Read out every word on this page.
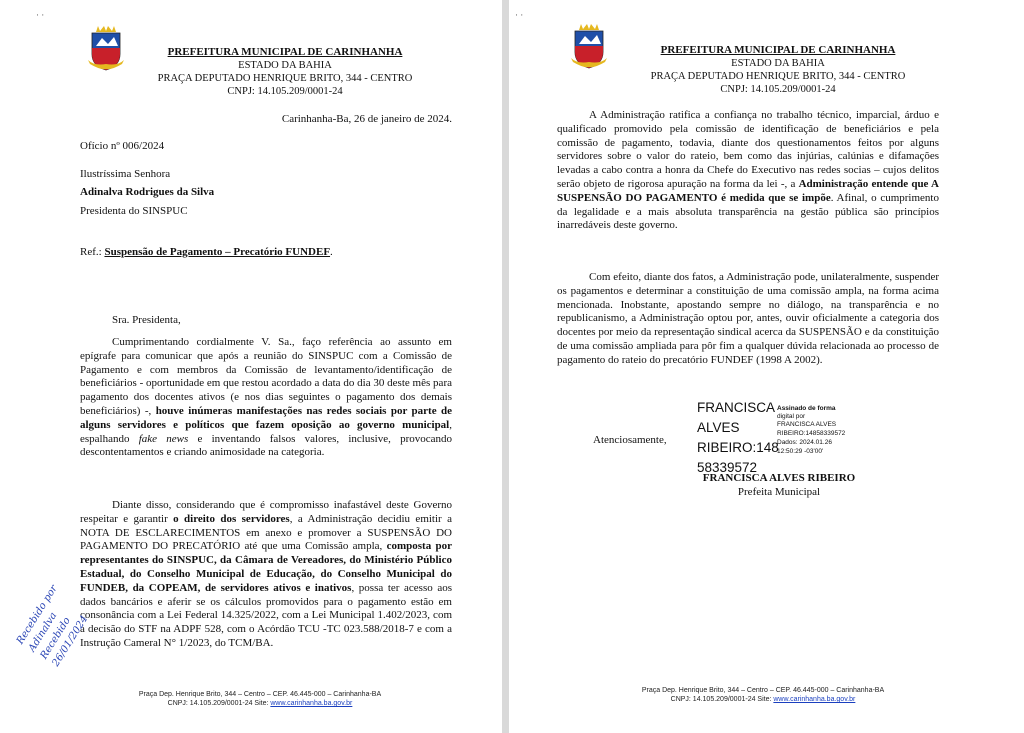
· ·
PREFEITURA MUNICIPAL DE CARINHANHA
ESTADO DA BAHIA
PRAÇA DEPUTADO HENRIQUE BRITO, 344 - CENTRO
CNPJ: 14.105.209/0001-24
Carinhanha-Ba, 26 de janeiro de 2024.
Ofício nº 006/2024
Ilustríssima Senhora
Adinalva Rodrigues da Silva
Presidenta do SINSPUC
Ref.: Suspensão de Pagamento – Precatório FUNDEF.
Sra. Presidenta,
Cumprimentando cordialmente V. Sa., faço referência ao assunto em epígrafe para comunicar que após a reunião do SINSPUC com a Comissão de Pagamento e com membros da Comissão de levantamento/identificação de beneficiários - oportunidade em que restou acordado a data do dia 30 deste mês para pagamento dos docentes ativos (e nos dias seguintes o pagamento dos demais beneficiários) -, houve inúmeras manifestações nas redes sociais por parte de alguns servidores e políticos que fazem oposição ao governo municipal, espalhando fake news e inventando falsos valores, inclusive, provocando descontentamentos e criando animosidade na categoria.
Diante disso, considerando que é compromisso inafastável deste Governo respeitar e garantir o direito dos servidores, a Administração decidiu emitir a NOTA DE ESCLARECIMENTOS em anexo e promover a SUSPENSÃO DO PAGAMENTO DO PRECATÓRIO até que uma Comissão ampla, composta por representantes do SINSPUC, da Câmara de Vereadores, do Ministério Público Estadual, do Conselho Municipal de Educação, do Conselho Municipal do FUNDEB, da COPEAM, de servidores ativos e inativos, possa ter acesso aos dados bancários e aferir se os cálculos promovidos para o pagamento estão em consonância com a Lei Federal 14.325/2022, com a Lei Municipal 1.402/2023, com a decisão do STF na ADPF 528, com o Acórdão TCU -TC 023.588/2018-7 e com a Instrução Cameral N° 1/2023, do TCM/BA.
Recebido por Adinalva Recebido 26/01/2024
Praça Dep. Henrique Brito, 344 – Centro – CEP. 46.445-000 – Carinhanha-BA
CNPJ: 14.105.209/0001-24 Site: www.carinhanha.ba.gov.br
· ·
PREFEITURA MUNICIPAL DE CARINHANHA
ESTADO DA BAHIA
PRAÇA DEPUTADO HENRIQUE BRITO, 344 - CENTRO
CNPJ: 14.105.209/0001-24
A Administração ratifica a confiança no trabalho técnico, imparcial, árduo e qualificado promovido pela comissão de identificação de beneficiários e pela comissão de pagamento, todavia, diante dos questionamentos feitos por alguns servidores sobre o valor do rateio, bem como das injúrias, calúnias e difamações levadas a cabo contra a honra da Chefe do Executivo nas redes socias – cujos delitos serão objeto de rigorosa apuração na forma da lei -, a Administração entende que A SUSPENSÃO DO PAGAMENTO é medida que se impõe. Afinal, o cumprimento da legalidade e a mais absoluta transparência na gestão pública são princípios inarredáveis deste governo.
Com efeito, diante dos fatos, a Administração pode, unilateralmente, suspender os pagamentos e determinar a constituição de uma comissão ampla, na forma acima mencionada. Inobstante, apostando sempre no diálogo, na transparência e no republicanismo, a Administração optou por, antes, ouvir oficialmente a categoria dos docentes por meio da representação sindical acerca da SUSPENSÃO e da constituição de uma comissão ampliada para pôr fim a qualquer dúvida relacionada ao processo de pagamento do rateio do precatório FUNDEF (1998 A 2002).
Atenciosamente,
FRANCISCA
ALVES
RIBEIRO:148
58339572
Assinado de forma
digital por
FRANCISCA ALVES
RIBEIRO:14858339572
Dados: 2024.01.26
12:50:29 -03'00'
FRANCISCA ALVES RIBEIRO
Prefeita Municipal
Praça Dep. Henrique Brito, 344 – Centro – CEP. 46.445-000 – Carinhanha-BA
CNPJ: 14.105.209/0001-24 Site: www.carinhanha.ba.gov.br
